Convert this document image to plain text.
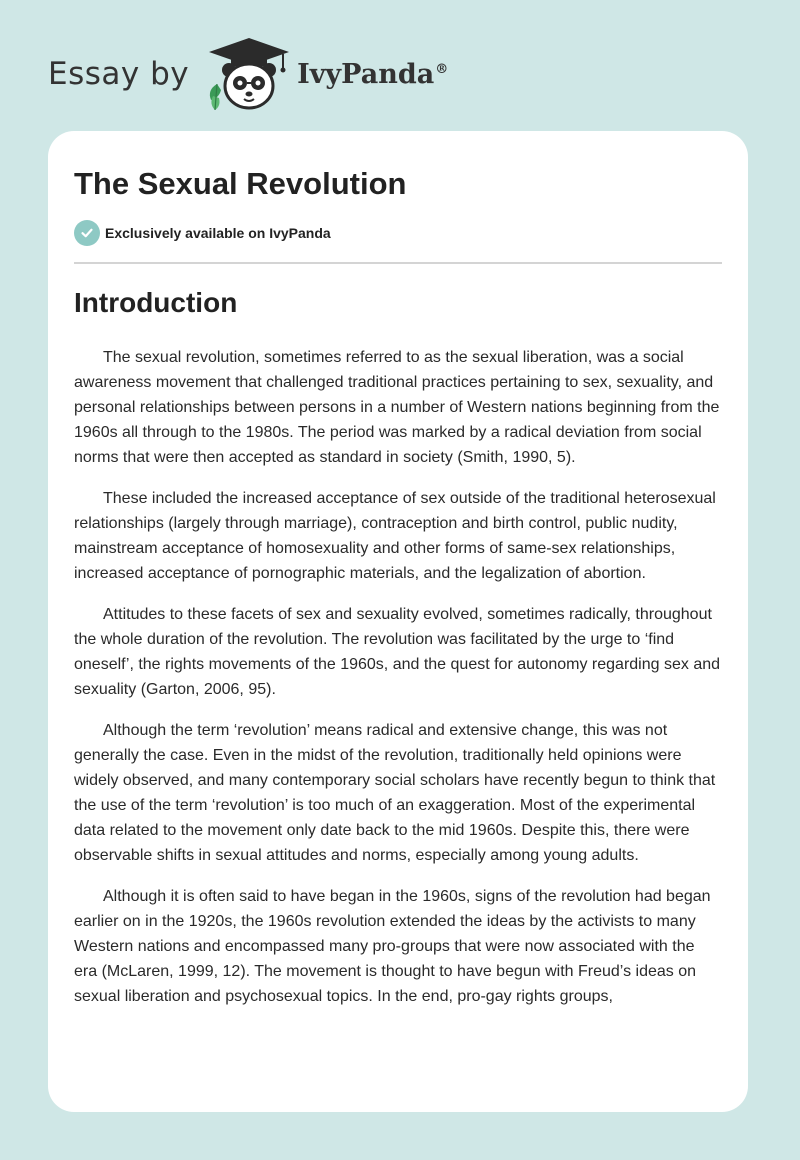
Essay by	IvyPanda®
The Sexual Revolution
Exclusively available on IvyPanda
Introduction

The sexual revolution, sometimes referred to as the sexual liberation, was a social awareness movement that challenged traditional practices pertaining to sex, sexuality, and personal relationships between persons in a number of Western nations beginning from the 1960s all through to the 1980s. The period was marked by a radical deviation from social norms that were then accepted as standard in society (Smith, 1990, 5).

These included the increased acceptance of sex outside of the traditional heterosexual relationships (largely through marriage), contraception and birth control, public nudity, mainstream acceptance of homosexuality and other forms of same-sex relationships, increased acceptance of pornographic materials, and the legalization of abortion.

Attitudes to these facets of sex and sexuality evolved, sometimes radically, throughout the whole duration of the revolution. The revolution was facilitated by the urge to ‘find oneself’, the rights movements of the 1960s, and the quest for autonomy regarding sex and sexuality (Garton, 2006, 95).

Although the term ‘revolution’ means radical and extensive change, this was not generally the case. Even in the midst of the revolution, traditionally held opinions were widely observed, and many contemporary social scholars have recently begun to think that the use of the term ‘revolution’ is too much of an exaggeration. Most of the experimental data related to the movement only date back to the mid 1960s. Despite this, there were observable shifts in sexual attitudes and norms, especially among young adults.

Although it is often said to have began in the 1960s, signs of the revolution had began earlier on in the 1920s, the 1960s revolution extended the ideas by the activists to many Western nations and encompassed many pro-groups that were now associated with the era (McLaren, 1999, 12). The movement is thought to have begun with Freud’s ideas on sexual liberation and psychosexual topics. In the end, pro-gay rights groups,
